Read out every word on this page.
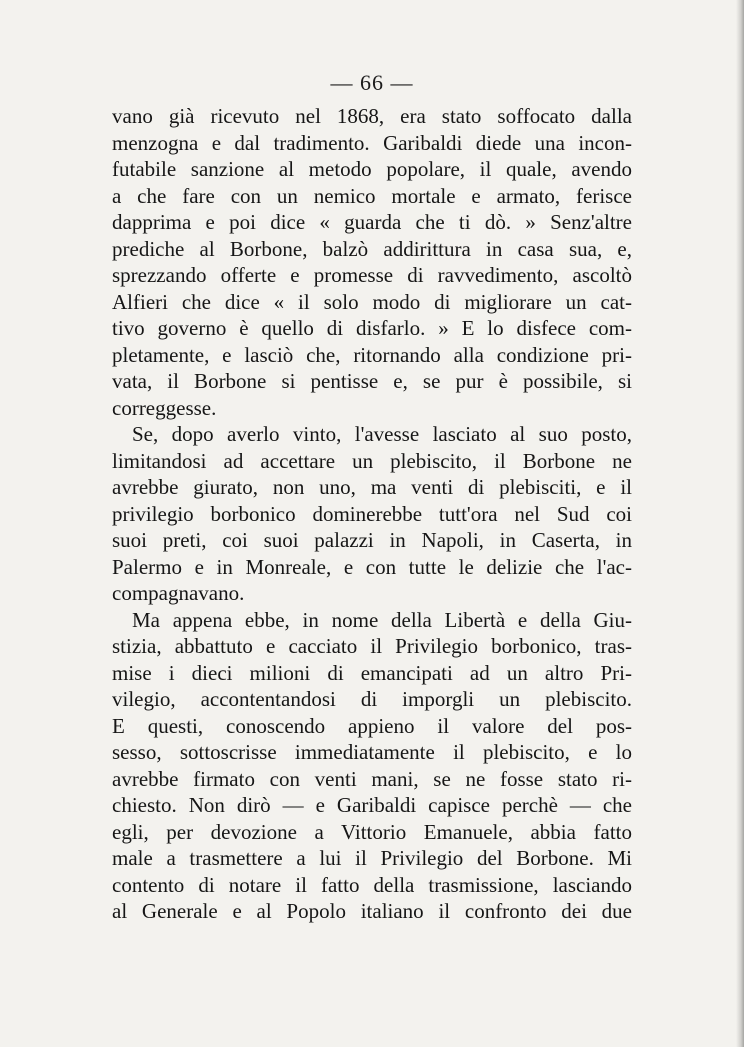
— 66 —
vano già ricevuto nel 1868, era stato soffocato dalla
menzogna e dal tradimento. Garibaldi diede una incon-
futabile sanzione al metodo popolare, il quale, avendo
a che fare con un nemico mortale e armato, ferisce
dapprima e poi dice « guarda che ti dò. » Senz'altre
prediche al Borbone, balzò addirittura in casa sua, e,
sprezzando offerte e promesse di ravvedimento, ascoltò
Alfieri che dice « il solo modo di migliorare un cat-
tivo governo è quello di disfarlo. » E lo disfece com-
pletamente, e lasciò che, ritornando alla condizione pri-
vata, il Borbone si pentisse e, se pur è possibile, si
correggesse.
Se, dopo averlo vinto, l'avesse lasciato al suo posto,
limitandosi ad accettare un plebiscito, il Borbone ne
avrebbe giurato, non uno, ma venti di plebisciti, e il
privilegio borbonico dominerebbe tutt'ora nel Sud coi
suoi preti, coi suoi palazzi in Napoli, in Caserta, in
Palermo e in Monreale, e con tutte le delizie che l'ac-
compagnavano.
Ma appena ebbe, in nome della Libertà e della Giu-
stizia, abbattuto e cacciato il Privilegio borbonico, tras-
mise i dieci milioni di emancipati ad un altro Pri-
vilegio, accontentandosi di imporgli un plebiscito.
E questi, conoscendo appieno il valore del pos-
sesso, sottoscrisse immediatamente il plebiscito, e lo
avrebbe firmato con venti mani, se ne fosse stato ri-
chiesto. Non dirò — e Garibaldi capisce perchè — che
egli, per devozione a Vittorio Emanuele, abbia fatto
male a trasmettere a lui il Privilegio del Borbone. Mi
contento di notare il fatto della trasmissione, lasciando
al Generale e al Popolo italiano il confronto dei due
